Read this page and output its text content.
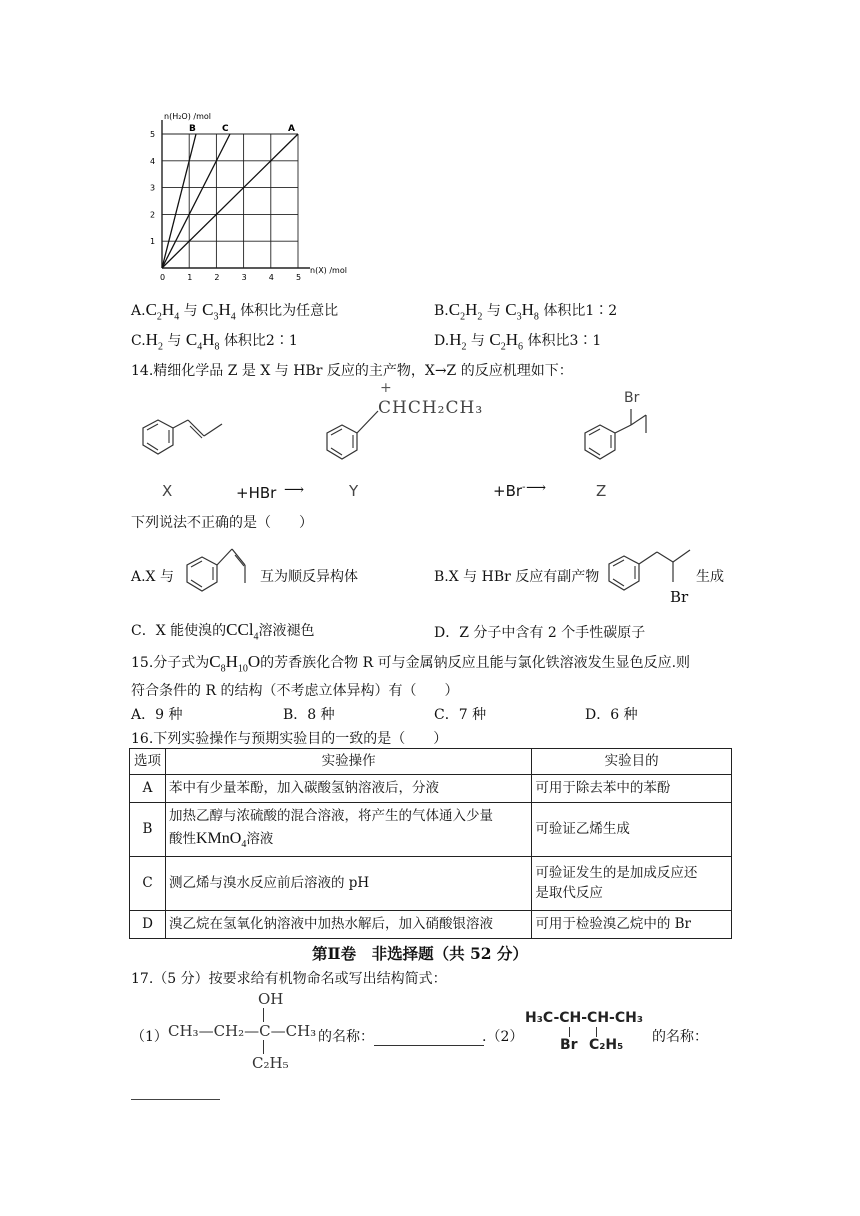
n(H₂O) /mol
n(X) /mol
0	1	2	3	4	5
1
2
3
4
5
B	C	A
$A.C_2H_4$ 与 $C_3H_4$ 体积比为任意比	$B.C_2H_2$ 与 $C_3H_8$ 体积比1∶2
$C.H_2$ 与 $C_4H_8$ 体积比2∶1	$D.H_2$ 与 $C_2H_6$ 体积比3∶1
14.精细化学品 Z 是 X 与 HBr 反应的主产物，X→Z 的反应机理如下：
X	+HBr ⟶
+
CHCH₂CH₃
Y	+Br- ⟶
Br
Z
下列说法不正确的是（　　）
A.X 与	互为顺反异构体	B.X 与 HBr 反应有副产物
Br
生成
C．X 能使溴的CCl$_4$溶液褪色	D．Z 分子中含有 2 个手性碳原子
15.分子式为$C_8H_{10}O$的芳香族化合物 R 可与金属钠反应且能与氯化铁溶液发生显色反应.则
符合条件的 R 的结构（不考虑立体异构）有（　　）
A．9 种	B．8 种	C．7 种	D．6 种
16.下列实验操作与预期实验目的一致的是（　　）
选项	实验操作	实验目的
A	苯中有少量苯酚，加入碳酸氢钠溶液后，分液	可用于除去苯中的苯酚
B	加热乙醇与浓硫酸的混合溶液，将产生的气体通入少量
酸性KMnO$_4$溶液	可验证乙烯生成
C	测乙烯与溴水反应前后溶液的 pH	可验证发生的是加成反应还
是取代反应
D	溴乙烷在氢氧化钠溶液中加热水解后，加入硝酸银溶液	可用于检验溴乙烷中的 Br
第Ⅱ卷　非选择题（共 52 分）
17.（5 分）按要求给有机物命名或写出结构简式：
（1）
OH
CH₃—CH₂—C—CH₃
C₂H₅
的名称：	.（2）
H₃C-CH-CH-CH₃
Br C₂H₅ 的名称：
